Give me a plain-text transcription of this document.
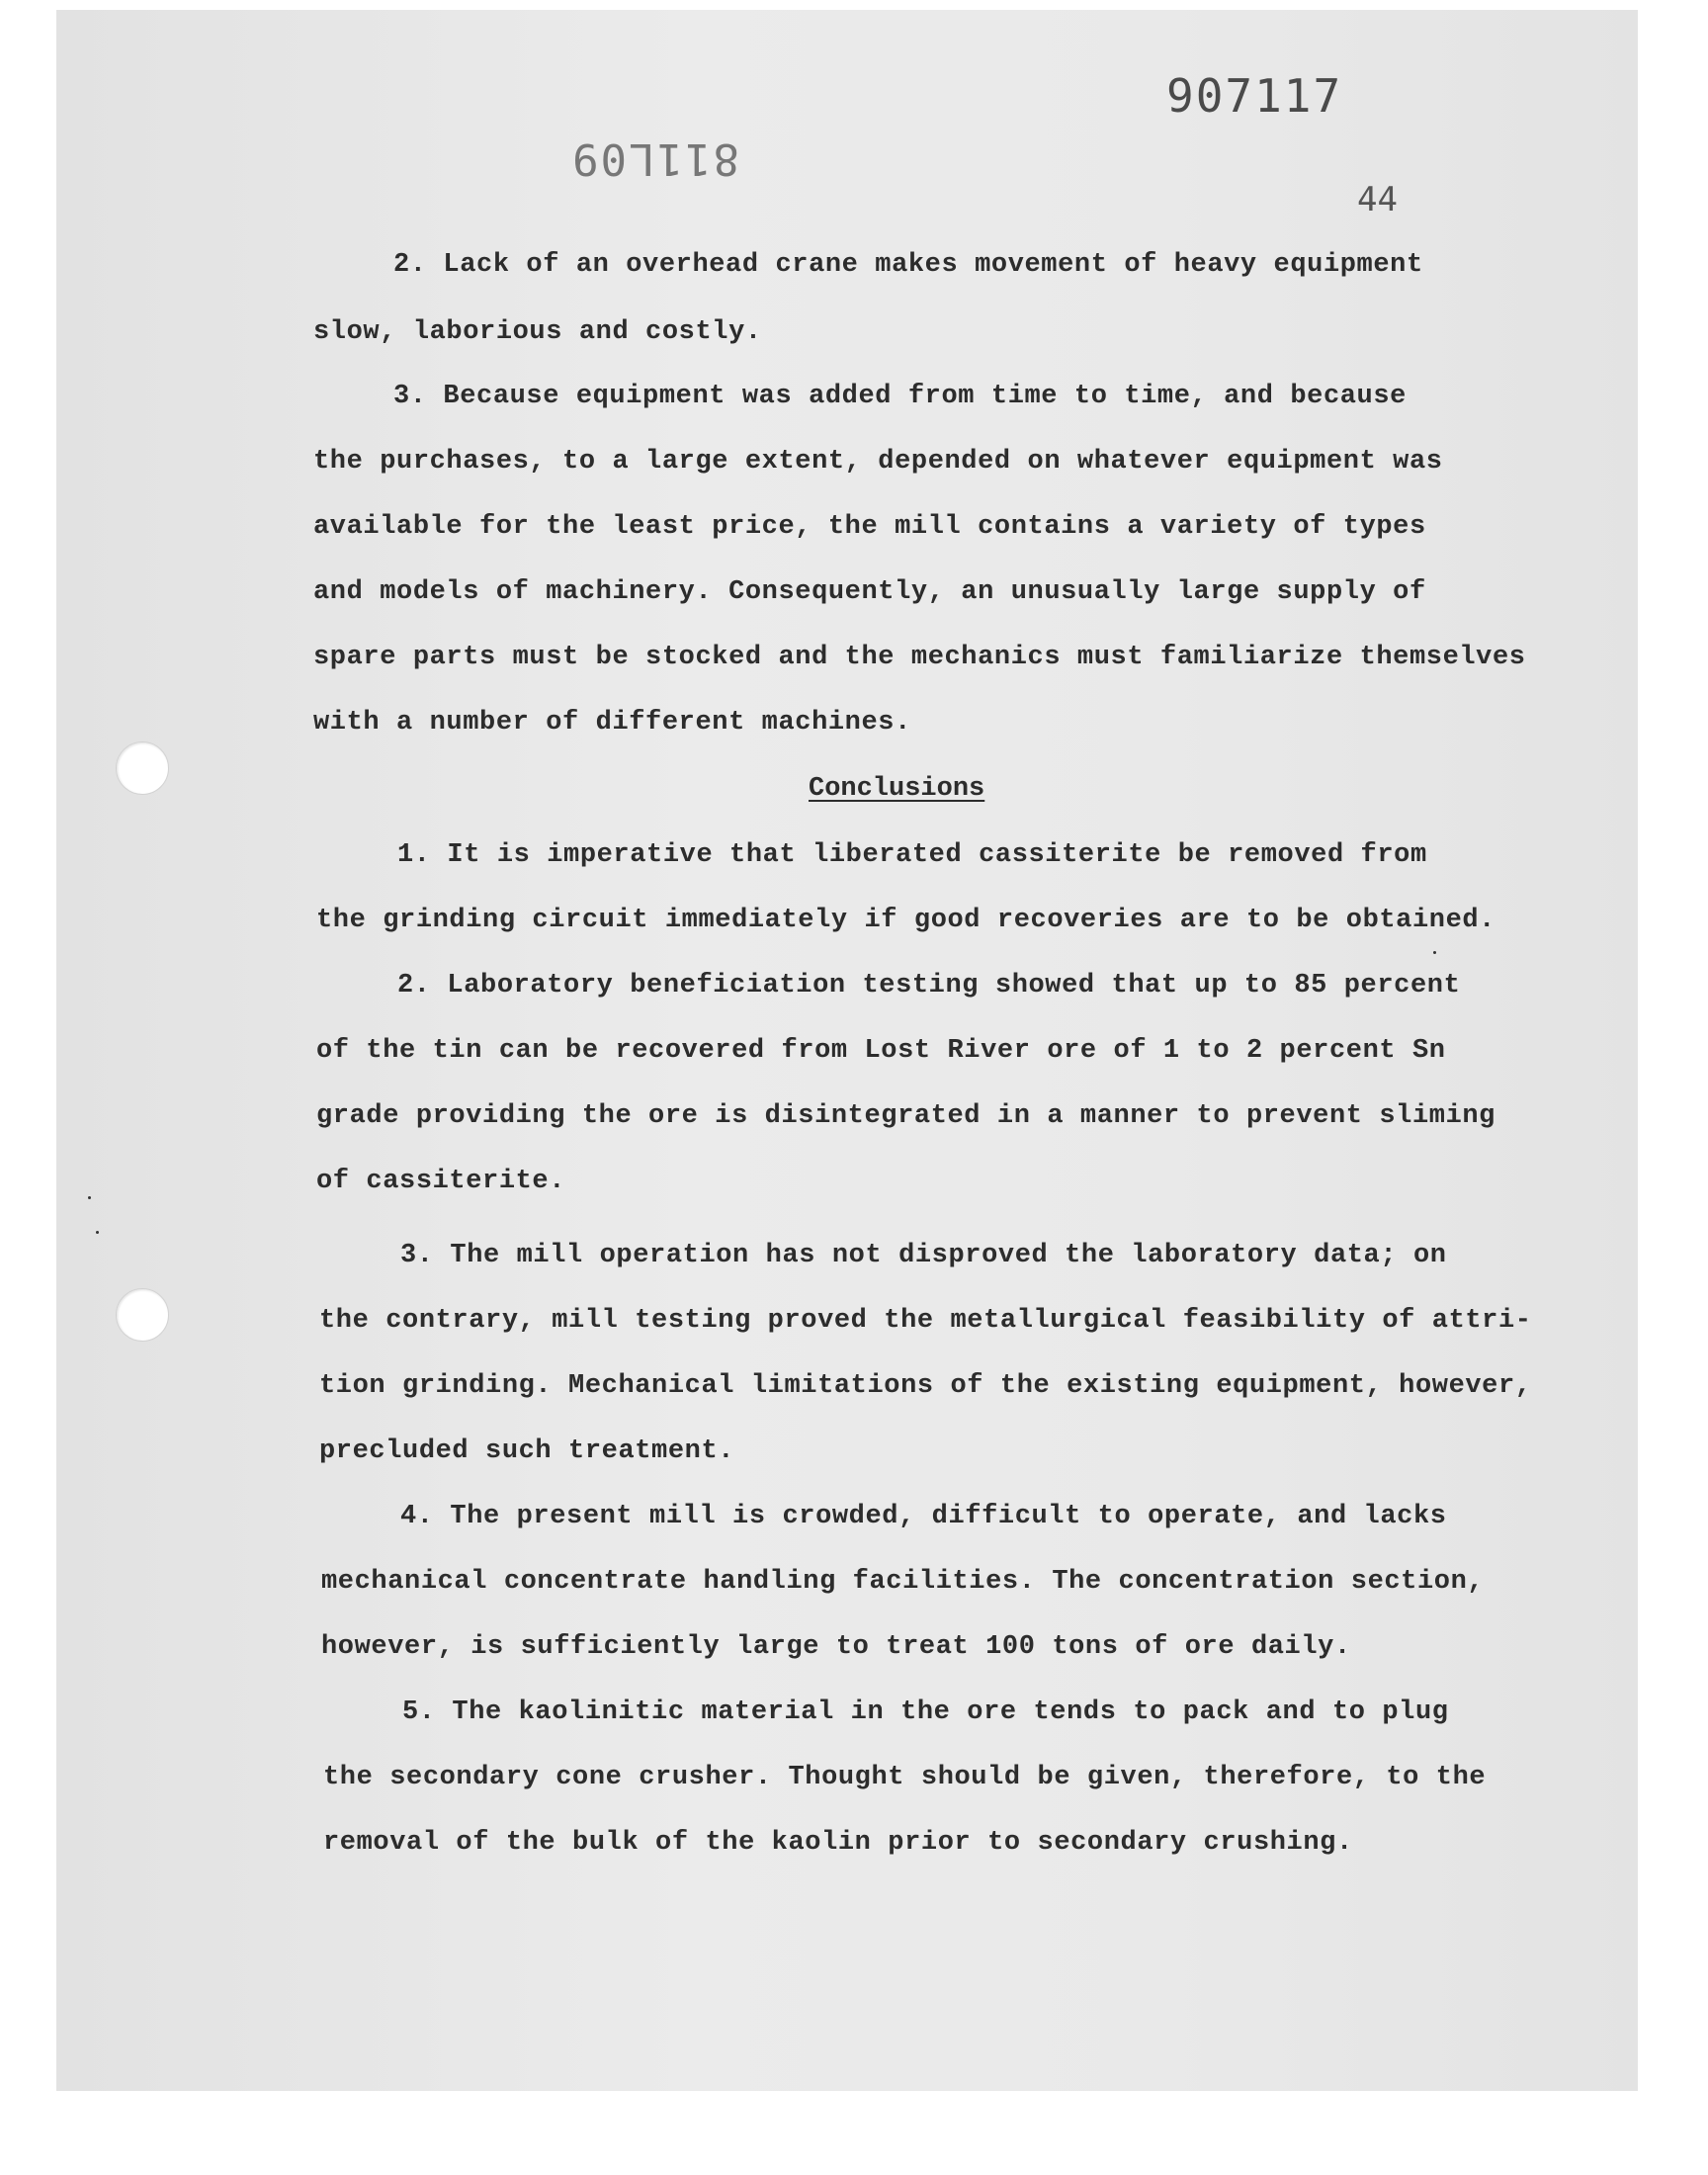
907117
811L09
44
2. Lack of an overhead crane makes movement of heavy equipment
slow, laborious and costly.
3. Because equipment was added from time to time, and because
the purchases, to a large extent, depended on whatever equipment was
available for the least price, the mill contains a variety of types
and models of machinery. Consequently, an unusually large supply of
spare parts must be stocked and the mechanics must familiarize themselves
with a number of different machines.
Conclusions
1. It is imperative that liberated cassiterite be removed from
the grinding circuit immediately if good recoveries are to be obtained.
2. Laboratory beneficiation testing showed that up to 85 percent
of the tin can be recovered from Lost River ore of 1 to 2 percent Sn
grade providing the ore is disintegrated in a manner to prevent sliming
of cassiterite.
3. The mill operation has not disproved the laboratory data; on
the contrary, mill testing proved the metallurgical feasibility of attri-
tion grinding. Mechanical limitations of the existing equipment, however,
precluded such treatment.
4. The present mill is crowded, difficult to operate, and lacks
mechanical concentrate handling facilities. The concentration section,
however, is sufficiently large to treat 100 tons of ore daily.
5. The kaolinitic material in the ore tends to pack and to plug
the secondary cone crusher. Thought should be given, therefore, to the
removal of the bulk of the kaolin prior to secondary crushing.
